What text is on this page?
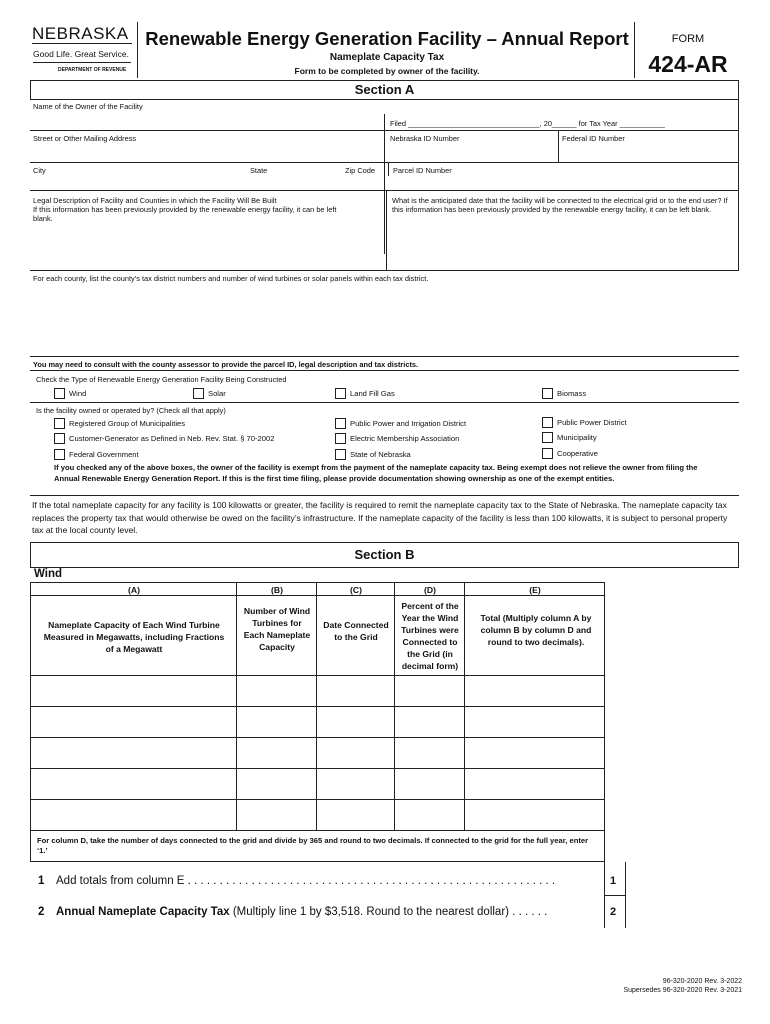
NEBRASKA
Good Life. Great Service.
DEPARTMENT OF REVENUE
Renewable Energy Generation Facility – Annual Report
Nameplate Capacity Tax
Form to be completed by owner of the facility.
FORM
424-AR
Section A
Name of the Owner of the Facility
Filed ________________________________, 20______ for Tax Year ___________
Street or Other Mailing Address	Nebraska ID Number	Federal ID Number
City	State	Zip Code Parcel ID Number
Legal Description of Facility and Counties in which the Facility Will Be Built
If this information has been previously provided by the renewable energy facility, it can be left blank.
What is the anticipated date that the facility will be connected to the electrical grid or to the end user? If this information has been previously provided by the renewable energy facility, it can be left blank.
For each county, list the county’s tax district numbers and number of wind turbines or solar panels within each tax district.
You may need to consult with the county assessor to provide the parcel ID, legal description and tax districts.
Check the Type of Renewable Energy Generation Facility Being Constructed
Wind	Solar	Land Fill Gas	Biomass
Is the facility owned or operated by? (Check all that apply)
Registered Group of Municipalities
Customer-Generator as Defined in Neb. Rev. Stat. § 70-2002
Federal Government
Public Power and Irrigation District
Electric Membership Association
State of Nebraska
Public Power District
Municipality
Cooperative
If you checked any of the above boxes, the owner of the facility is exempt from the payment of the nameplate capacity tax. Being exempt does not relieve the owner from filing the Annual Renewable Energy Generation Report. If this is the first time filing, please provide documentation showing ownership as one of the exempt entities.
If the total nameplate capacity for any facility is 100 kilowatts or greater, the facility is required to remit the nameplate capacity tax to the State of Nebraska. The nameplate capacity tax replaces the property tax that would otherwise be owed on the facility’s infrastructure. If the nameplate capacity of the facility is less than 100 kilowatts, it is subject to personal property tax at the local county level.
Section B
Wind
(A)	(B)	(C)	(D)	(E)
Nameplate Capacity of Each Wind Turbine Measured in Megawatts, including Fractions of a Megawatt
Number of Wind Turbines for Each Nameplate Capacity
Date Connected to the Grid
Percent of the Year the Wind Turbines were Connected to the Grid (in decimal form)
Total (Multiply column A by column B by column D and round to two decimals).
For column D, take the number of days connected to the grid and divide by 365 and round to two decimals. If connected to the grid for the full year, enter ‘1.’
1 Add totals from column E . . . . . . . . . . . . . . . . . . . . . . . . . . . . . . . . . . . . . . . . . . . . . . . . . . . . . . . . . .	1
2 Annual Nameplate Capacity Tax (Multiply line 1 by $3,518. Round to the nearest dollar) . . . . . .	2
96-320-2020 Rev. 3-2022
Supersedes 96-320-2020 Rev. 3-2021
